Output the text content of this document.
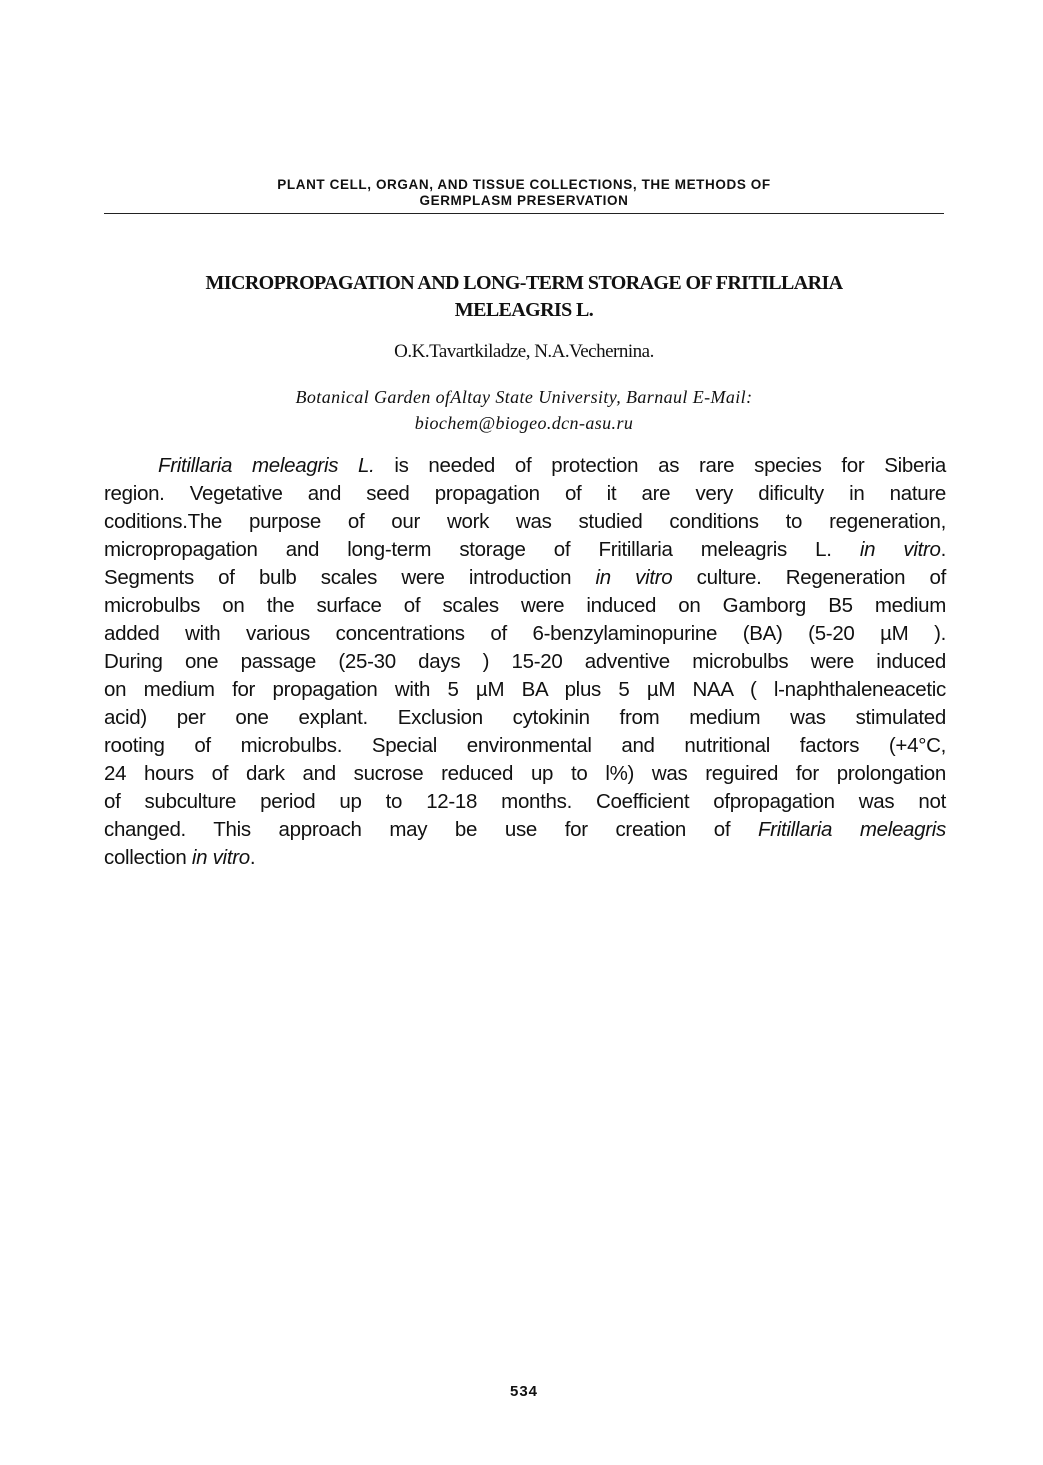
PLANT CELL, ORGAN, AND TISSUE COLLECTIONS, THE METHODS OF
GERMPLASM PRESERVATION
MICROPROPAGATION AND LONG-TERM STORAGE OF FRITILLARIA
MELEAGRIS L.
O.K.Tavartkiladze, N.A.Vechernina.
Botanical Garden ofAltay State University, Barnaul E-Mail:
biochem@biogeo.dcn-asu.ru
Fritillaria meleagris L. is needed of protection as rare species for Siberia
region. Vegetative and seed propagation of it are very dificulty in nature
coditions.The purpose of our work was studied conditions to regeneration,
micropropagation and long-term storage of Fritillaria meleagris L. in vitro.
Segments of bulb scales were introduction in vitro culture. Regeneration of
microbulbs on the surface of scales were induced on Gamborg B5 medium
added with various concentrations of 6-benzylaminopurine (BA) (5-20 µM ).
During one passage (25-30 days ) 15-20 adventive microbulbs were induced
on medium for propagation with 5 µM BA plus 5 µM NAA ( l-naphthaleneacetic
acid) per one explant. Exclusion cytokinin from medium was stimulated
rooting of microbulbs. Special environmental and nutritional factors (+4°C,
24 hours of dark and sucrose reduced up to l%) was reguired for prolongation
of subculture period up to 12-18 months. Coefficient ofpropagation was not
changed. This approach may be use for creation of Fritillaria meleagris
collection in vitro.
534
